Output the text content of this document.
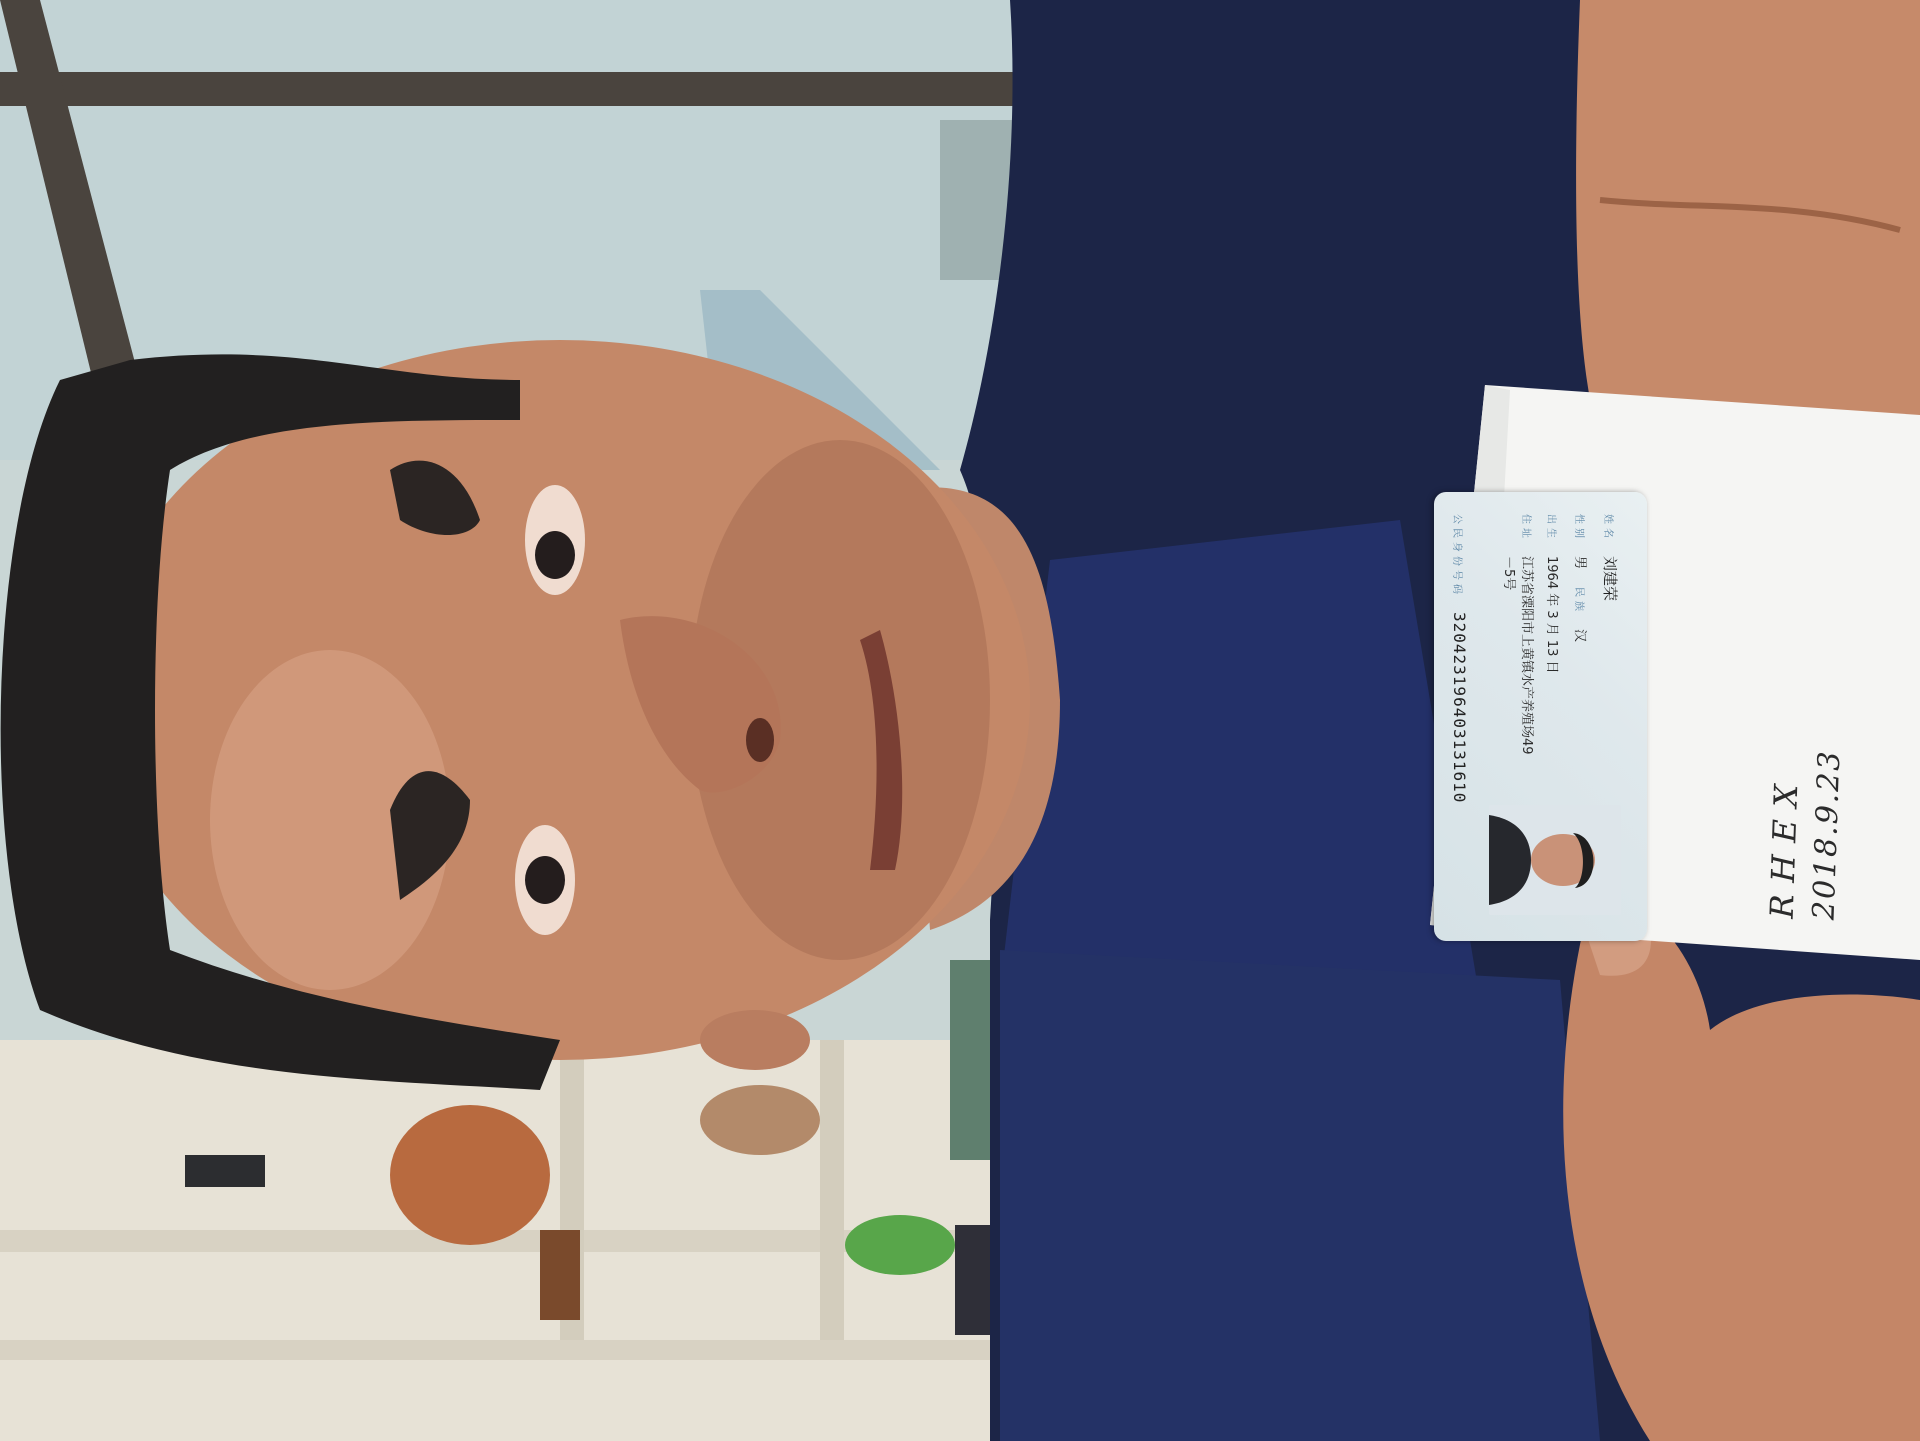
姓名
刘建荣
性别
男
民族
汉
出生
1964 年 3 月 13 日
住址
江苏省溧阳市上黄镇水产养殖场49－5号
公民身份号码
320423196403131610
RHEX 2018.9.23
